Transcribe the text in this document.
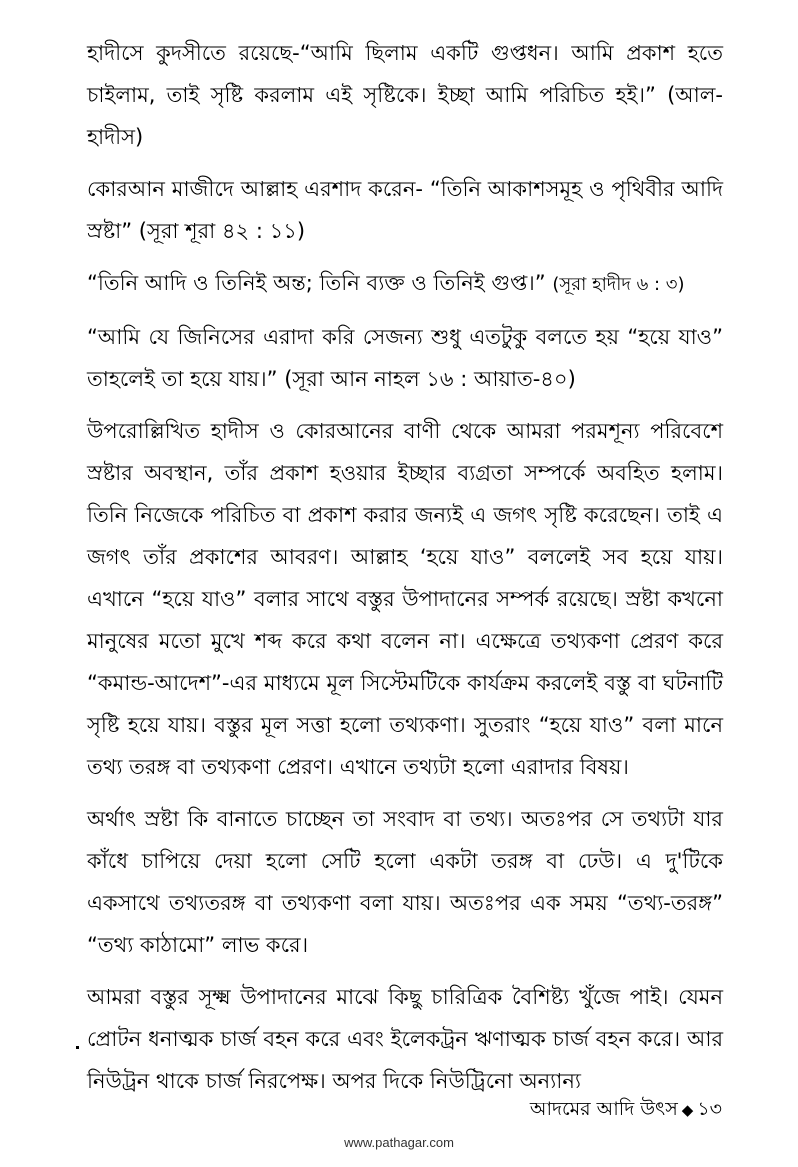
হাদীসে কুদসীতে রয়েছে-“আমি ছিলাম একটি গুপ্তধন। আমি প্রকাশ হতে চাইলাম, তাই সৃষ্টি করলাম এই সৃষ্টিকে। ইচ্ছা আমি পরিচিত হই।” (আল-হাদীস)

কোরআন মাজীদে আল্লাহ এরশাদ করেন- “তিনি আকাশসমূহ ও পৃথিবীর আদি স্রষ্টা” (সূরা শূরা ৪২ : ১১)

“তিনি আদি ও তিনিই অন্ত; তিনি ব্যক্ত ও তিনিই গুপ্ত।” (সূরা হাদীদ ৬ : ৩)

“আমি যে জিনিসের এরাদা করি সেজন্য শুধু এতটুকু বলতে হয় “হয়ে যাও” তাহলেই তা হয়ে যায়।” (সূরা আন নাহল ১৬ : আয়াত-৪০)

উপরোল্লিখিত হাদীস ও কোরআনের বাণী থেকে আমরা পরমশূন্য পরিবেশে স্রষ্টার অবস্থান, তাঁর প্রকাশ হওয়ার ইচ্ছার ব্যগ্রতা সম্পর্কে অবহিত হলাম। তিনি নিজেকে পরিচিত বা প্রকাশ করার জন্যই এ জগৎ সৃষ্টি করেছেন। তাই এ জগৎ তাঁর প্রকাশের আবরণ। আল্লাহ ‘হয়ে যাও” বললেই সব হয়ে যায়। এখানে “হয়ে যাও” বলার সাথে বস্তুর উপাদানের সম্পর্ক রয়েছে। স্রষ্টা কখনো মানুষের মতো মুখে শব্দ করে কথা বলেন না। এক্ষেত্রে তথ্যকণা প্রেরণ করে “কমান্ড-আদেশ”-এর মাধ্যমে মূল সিস্টেমটিকে কার্যক্রম করলেই বস্তু বা ঘটনাটি সৃষ্টি হয়ে যায়। বস্তুর মূল সত্তা হলো তথ্যকণা। সুতরাং “হয়ে যাও” বলা মানে তথ্য তরঙ্গ বা তথ্যকণা প্রেরণ। এখানে তথ্যটা হলো এরাদার বিষয়।

অর্থাৎ স্রষ্টা কি বানাতে চাচ্ছেন তা সংবাদ বা তথ্য। অতঃপর সে তথ্যটা যার কাঁধে চাপিয়ে দেয়া হলো সেটি হলো একটা তরঙ্গ বা ঢেউ। এ দু'টিকে একসাথে তথ্যতরঙ্গ বা তথ্যকণা বলা যায়। অতঃপর এক সময় “তথ্য-তরঙ্গ” “তথ্য কাঠামো” লাভ করে।

আমরা বস্তুর সূক্ষ্ম উপাদানের মাঝে কিছু চারিত্রিক বৈশিষ্ট্য খুঁজে পাই। যেমন প্রোটন ধনাত্মক চার্জ বহন করে এবং ইলেকট্রন ঋণাত্মক চার্জ বহন করে। আর নিউট্রন থাকে চার্জ নিরপেক্ষ। অপর দিকে নিউট্রিনো অন্যান্য

আদমের আদি উৎস ◆ ১৩
www.pathagar.com
